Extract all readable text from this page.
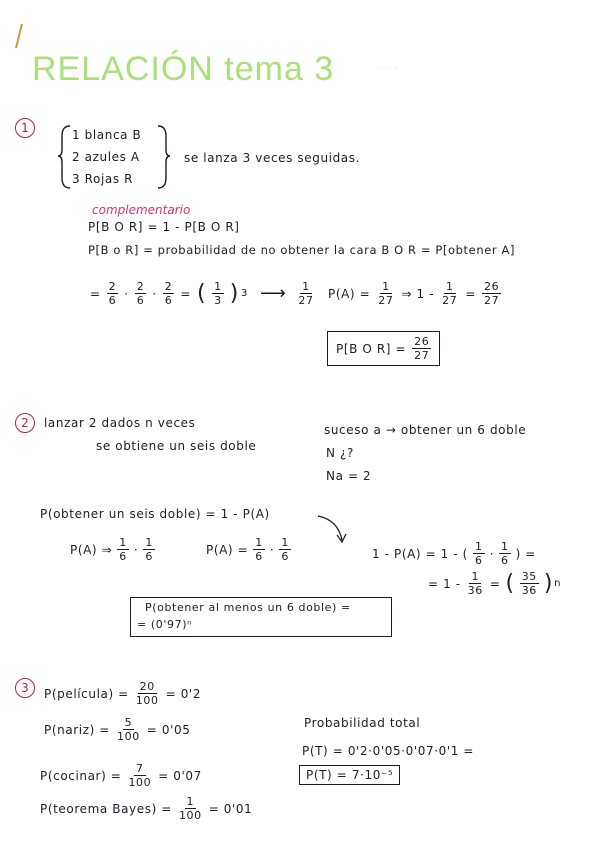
· · ·
RELACIÓN tema 3
1	1 blanca B
2 azules A
3 Rojas R
se lanza 3 veces seguidas.
complementario
P[B O R] = 1 - P[B O R]
P[B o R] = probabilidad de no obtener la cara B O R = P[obtener A]
= $\frac{2}{6} \cdot \frac{2}{6} \cdot \frac{2}{6}$ = ( $\frac{1}{3}$ ) 3 ⟶ $\frac{1}{27} P(A) = \frac{1}{27}$ ⇒ $1 - \frac{1}{27} = \frac{26}{27}$
P[B O $R] = \frac{26}{27}$
2	lanzar 2 dados n veces
se obtiene un seis doble
suceso a → obtener un 6 doble
N ¿?
Na = 2
P(obtener un seis doble) = 1 - P(A)
P(A) ⇒ $\frac{1}{6} \cdot \frac{1}{6}$	$P(A) = \frac{1}{6} \cdot \frac{1}{6}$	1 - P(A) = 1 - ( $\frac{1}{6} \cdot \frac{1}{6}$ ) =
= $1 - \frac{1}{36}$ = ( $\frac{35}{36}$ ) n
P(obtener al menos un 6 doble) =
= (0'97)ⁿ
3	P(película) = $\frac{20}{100} = 0'2$
P(nariz) = $\frac{5}{100} = 0'05$
P(cocinar) = $\frac{7}{100} = 0'07$
P(teorema Bayes) = $\frac{1}{100} = 0'01$
Probabilidad total
P(T) = 0'2·0'05·0'07·0'1 =
P(T) = 7·10⁻⁵
